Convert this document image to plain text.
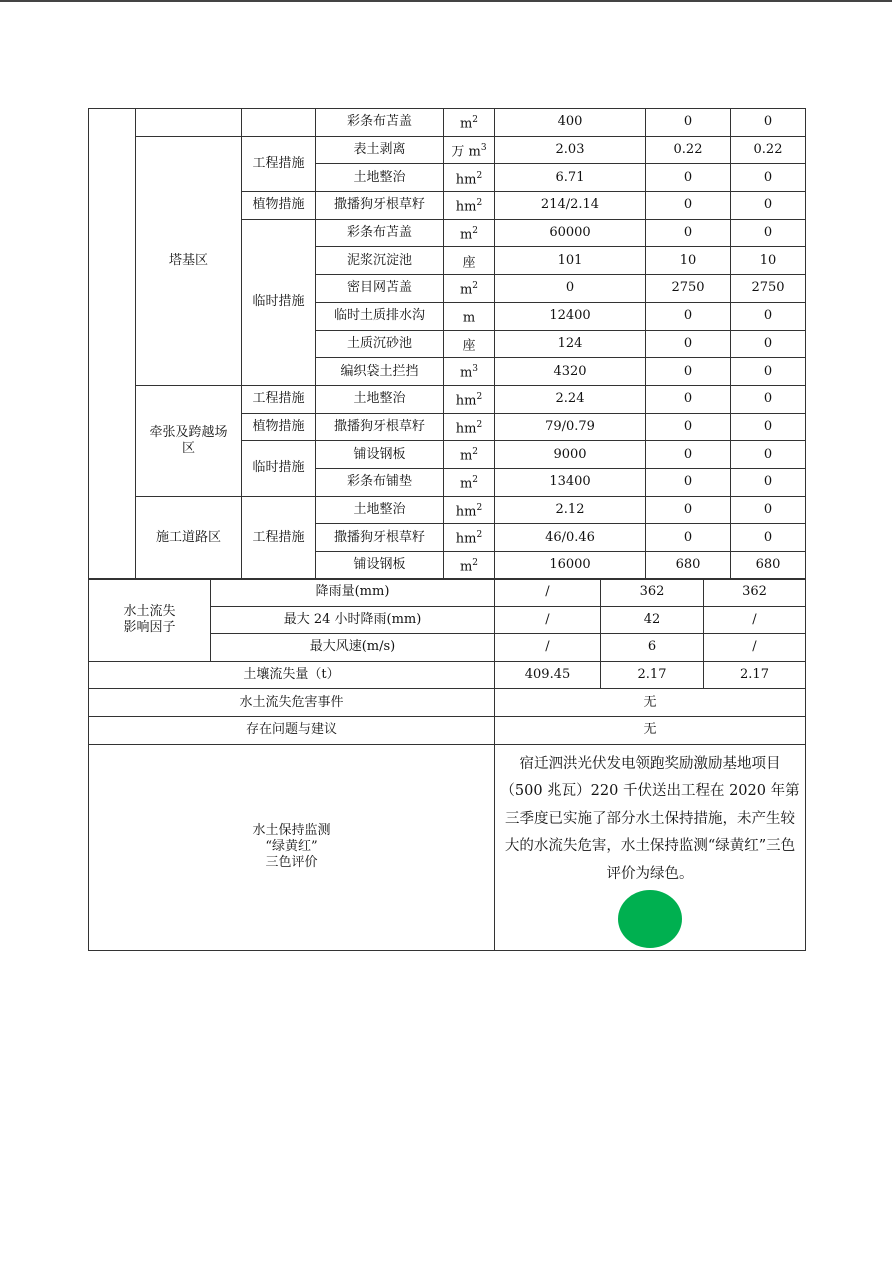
			彩条布苫盖	$m^2$	400	0	0
	塔基区	工程措施	表土剥离	万 $m^3$	2.03	0.22	0.22
			土地整治	$hm^2$	6.71	0	0
		植物措施	撒播狗牙根草籽	$hm^2$	214/2.14	0	0
		临时措施	彩条布苫盖	$m^2$	60000	0	0
			泥浆沉淀池	座	101	10	10
			密目网苫盖	$m^2$	0	2750	2750
			临时土质排水沟	m	12400	0	0
			土质沉砂池	座	124	0	0
			编织袋土拦挡	$m^3$	4320	0	0
	牵张及跨越场
区	工程措施	土地整治	$hm^2$	2.24	0	0
		植物措施	撒播狗牙根草籽	$hm^2$	79/0.79	0	0
		临时措施	铺设钢板	$m^2$	9000	0	0
			彩条布铺垫	$m^2$	13400	0	0
	施工道路区	工程措施	土地整治	$hm^2$	2.12	0	0
			撒播狗牙根草籽	$hm^2$	46/0.46	0	0
			铺设钢板	$m^2$	16000	680	680
水土流失
影响因子	降雨量(mm)	/	362	362
	最大 24 小时降雨(mm)	/	42	/
	最大风速(m/s)	/	6	/
土壤流失量（t）		409.45	2.17	2.17
水土流失危害事件		无		
存在问题与建议		无		
水土保持监测
“绿黄红”
三色评价		宿迁泗洪光伏发电领跑奖励激励基地项目（500 兆瓦）220 千伏送出工程在 2020 年第三季度已实施了部分水土保持措施，未产生较大的水流失危害，水土保持监测“绿黄红”三色评价为绿色。		
